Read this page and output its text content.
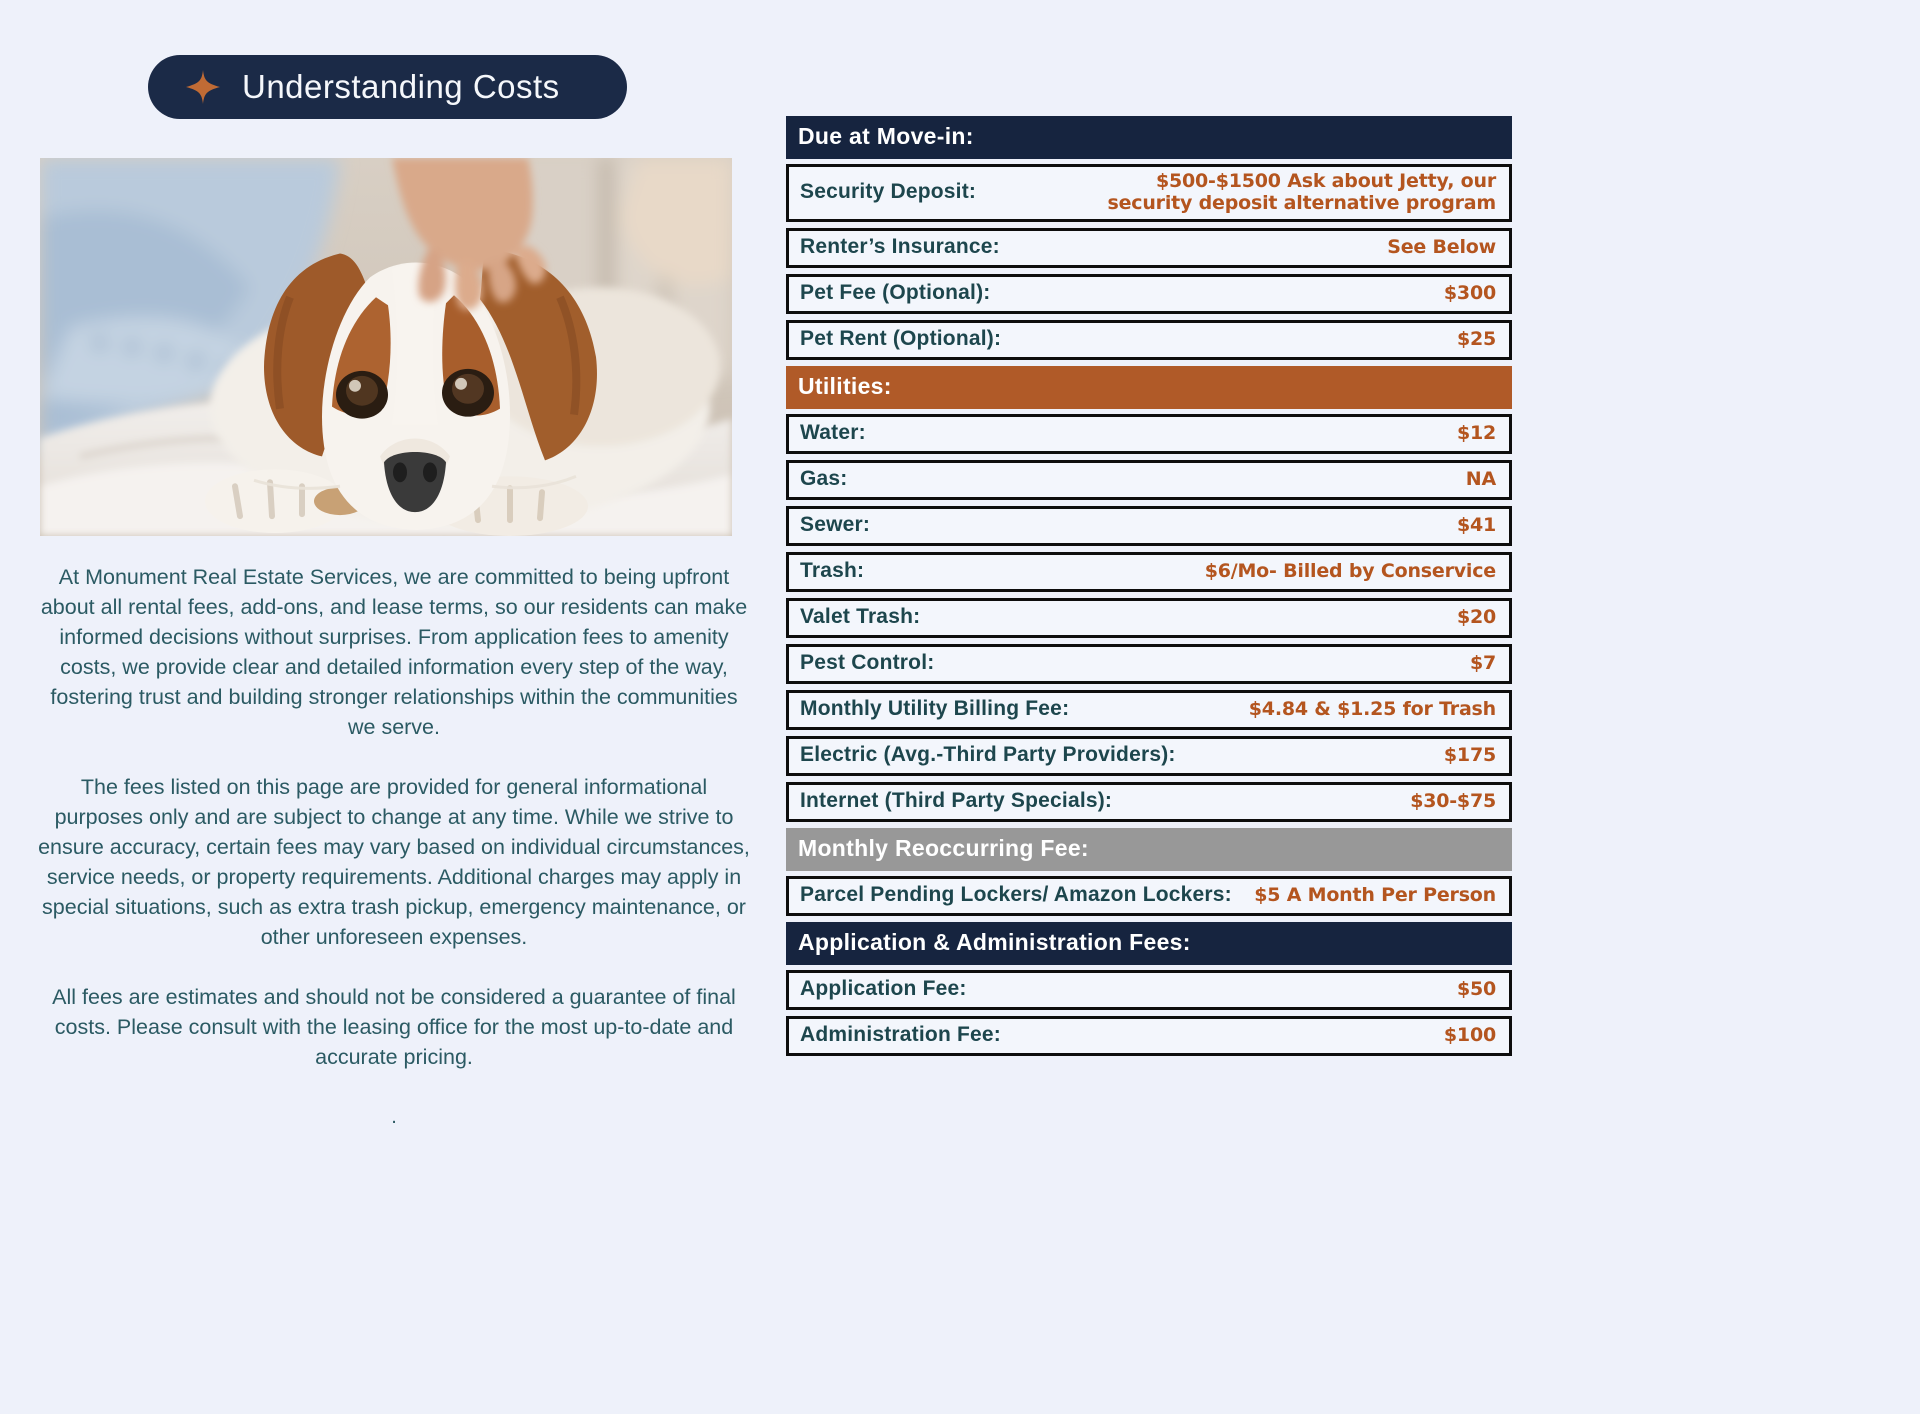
Understanding Costs

At Monument Real Estate Services, we are committed to being upfront about all rental fees, add-ons, and lease terms, so our residents can make informed decisions without surprises. From application fees to amenity costs, we provide clear and detailed information every step of the way, fostering trust and building stronger relationships within the communities we serve.

The fees listed on this page are provided for general informational purposes only and are subject to change at any time. While we strive to ensure accuracy, certain fees may vary based on individual circumstances, service needs, or property requirements. Additional charges may apply in special situations, such as extra trash pickup, emergency maintenance, or other unforeseen expenses.

All fees are estimates and should not be considered a guarantee of final costs. Please consult with the leasing office for the most up-to-date and accurate pricing.

.

Due at Move-in:
Security Deposit:	$500-$1500 Ask about Jetty, our security deposit alternative program
Renter’s Insurance:	See Below
Pet Fee (Optional):	$300
Pet Rent (Optional):	$25
Utilities:
Water:	$12
Gas:	NA
Sewer:	$41
Trash:	$6/Mo- Billed by Conservice
Valet Trash:	$20
Pest Control:	$7
Monthly Utility Billing Fee:	$4.84 & $1.25 for Trash
Electric (Avg.-Third Party Providers):	$175
Internet (Third Party Specials):	$30-$75
Monthly Reoccurring Fee:
Parcel Pending Lockers/ Amazon Lockers: $5 A Month Per Person
Application & Administration Fees:
Application Fee:	$50
Administration Fee:	$100
